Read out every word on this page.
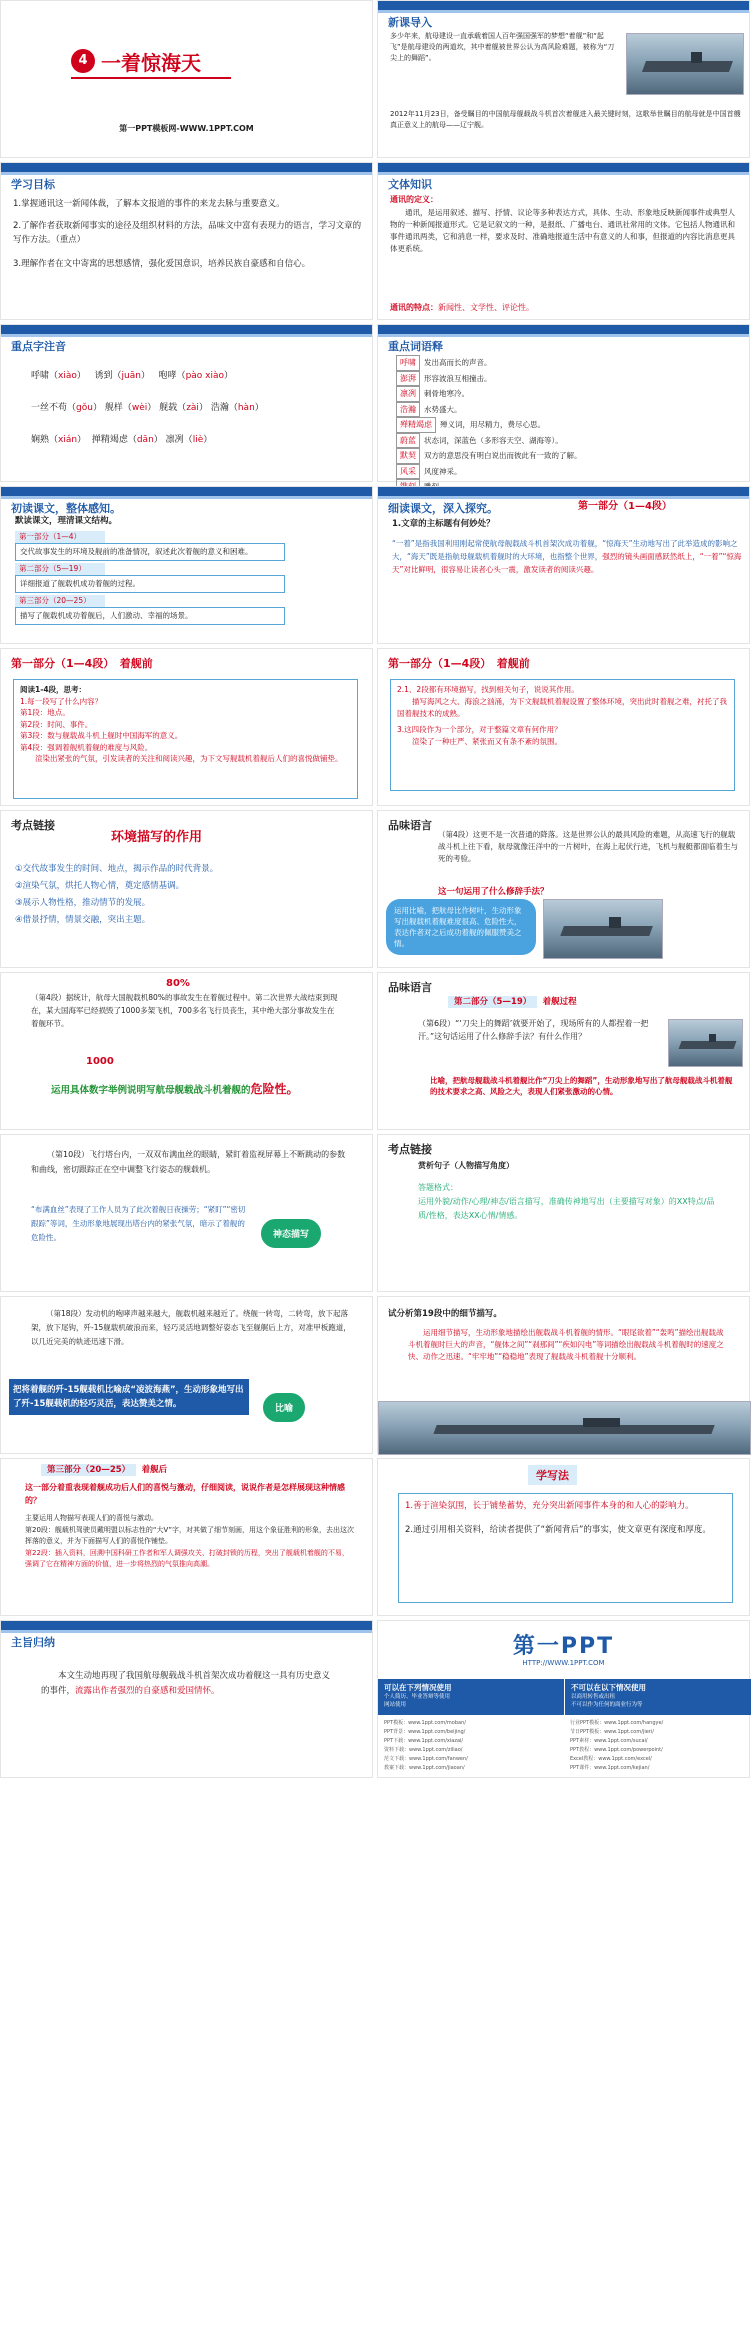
4 一着惊海天
第一PPT模板网-WWW.1PPT.COM
新课导入
多少年来，航母建设一直承载着国人百年强国强军的梦想“着舰”和“起飞”是航母建设的两道坎，其中着舰被世界公认为高风险难题，被称为“刀尖上的舞蹈”。
2012年11月23日，备受瞩目的中国航母舰载战斗机首次着舰进入最关键时刻，这歌举世瞩目的航母就是中国首艘真正意义上的航母——辽宁舰。
学习目标
1.掌握通讯这一新闻体裁，了解本文报道的事件的来龙去脉与重要意义。
2.了解作者获取新闻事实的途径及组织材料的方法，品味文中富有表现力的语言，学习文章的写作方法。（重点）
3.理解作者在文中寄寓的思想感情，强化爱国意识，培养民族自豪感和自信心。
文体知识
通讯的定义：
通讯，是运用叙述、描写、抒情、议论等多种表达方式，具体、生动、形象地反映新闻事件或典型人物的一种新闻报道形式。它是记叙文的一种，是报纸、广播电台、通讯社常用的文体。它包括人物通讯和事件通讯两类，它和消息一样，要求及时、准确地报道生活中有意义的人和事，但报道的内容比消息更具体更系统。
通讯的特点：新闻性、文学性、评论性。
重点字注音
呼啸（xiào）   诱到（juān）   咆哮（pào xiào）
一丝不苟（gǒu） 舰样（wèi） 舰载（zài） 浩瀚（hàn）
娴熟（xián）  掸精竭虑（dān） 凛冽（liè）
重点词语释
呼啸 发出高而长的声音。
澎湃 形容波浪互相撞击。
凛冽 刺骨地寒冷。
浩瀚 水势盛大。
殚精竭虑 殚义词，用尽精力，费尽心思。
蔚蓝 状态词，深蓝色（多形容天空、湖海等）。
默契 双方的意思没有明白说出而彼此有一致的了解。
风采 风度神采。
初读课文，整体感知。
默读课文，理清课文结构。
第一部分（1—4）
交代故事发生的环境及舰前的准备情况，叙述此次着舰的意义和困难。
第二部分（5—19）
详细报道了舰载机成功着舰的过程。
第三部分（20—25）
描写了舰载机成功着舰后，人们激动、幸福的场景。
细读课文，深入探究。	第一部分（1—4段）
1.文章的主标题有何妙处？
“一着”是指我国利用刚起常使航母舰载战斗机首架次成功着舰，“惊海天”生动地写出了此举造成的影响之大，“海天”既是指航母舰载机着舰时的大环境，也指整个世界，强烈的镜头画面感跃然纸上，“一着”“惊海天”对比鲜明，很容易让读者心头一震，激发读者的阅读兴趣。
第一部分（1—4段） 着舰前
阅读1-4段，思考：
1.每一段写了什么内容？
第1段：地点。
第2段：时间、事件。
第3段：数与舰载战斗机上舰时中国海军的意义。
第4段：强调着舰机着舰的难度与风险。
渲染出紧张的气氛，引发读者的关注和阅读兴趣，为下文写舰载机着舰后人们的喜悦做铺垫。
第一部分（1—4段） 着舰前
2.1、2段都有环境描写，找到相关句子，说说其作用。
描写海风之大、海浪之汹涌，为下文舰载机着舰设置了整体环境，突出此时着舰之难，衬托了我国着舰技术的成熟。
3.这四段作为一个部分，对于整篇文章有何作用？
渲染了一种庄严、紧张而又有条不紊的氛围。
考点链接
环境描写的作用
①交代故事发生的时间、地点，揭示作品的时代背景。
②渲染气氛，烘托人物心情，奠定感情基调。
③展示人物性格，推动情节的发展。
④借景抒情，情景交融，突出主题。
品味语言
（第4段）这更不是一次普通的降落。这是世界公认的最具风险的难题，从高速飞行的舰载战斗机上往下看，航母就像汪洋中的一片树叶，在海上起伏行进，飞机与舰艇都面临着生与死的考验。
这一句运用了什么修辞手法？
运用比喻，把航母比作树叶，生动形象写出舰载机着舰难度很高、危险性大，表达作者对之后成功着舰的佩服赞美之情。
80%
（第4段）据统计，航母大国舰载机80%的事故发生在着舰过程中。第二次世界大战结束到现在，某大国海军已经损毁了1000多架飞机，700多名飞行员丧生，其中绝大部分事故发生在着舰环节。
1000
运用具体数字举例说明写航母舰载战斗机着舰的危险性。
品味语言
第二部分（5—19） 着舰过程
（第6段）“‘刀尖上的舞蹈’就要开始了，现场所有的人都捏着一把汗。”这句话运用了什么修辞手法？有什么作用？
比喻，把航母舰载战斗机着舰比作“刀尖上的舞蹈”，生动形象地写出了航母舰载战斗机着舰的技术要求之高、风险之大，表现人们紧张激动的心情。
（第10段）飞行塔台内，一双双布满血丝的眼睛，紧盯着监视屏幕上不断跳动的参数和曲线，密切跟踪正在空中调整飞行姿态的舰载机。
“布满血丝”表现了工作人员为了此次着舰日夜操劳；“紧盯”“密切跟踪”等词，生动形象地展现出塔台内的紧张气氛，暗示了着舰的危险性。	神态描写
考点链接
赏析句子（人物描写角度）
答题格式：
运用外貌/动作/心理/神态/语言描写，准确传神地写出（主要描写对象）的XX特点/品质/性格，表达XX心情/情感。
（第18段）发动机的咆哮声越来越大，舰载机越来越近了。绕舰一转弯，二转弯，放下起落架，放下尾钩，歼-15舰载机破浪而来，轻巧灵活地调整好姿态飞至舰艉后上方，对准甲板跑道，以几近完美的轨迹迅速下滑。
把将着舰的歼-15舰载机比喻成“凌波海燕”，生动形象地写出了歼-15舰载机的轻巧灵活，表达赞美之情。	比喻
试分析第19段中的细节描写。
运用细节描写，生动形象地描绘出舰载战斗机着舰的情形。“眼尾欲着”“轰鸣”描绘出舰载战斗机着舰时巨大的声音，“舰体之间”“刹那间”“疾如闪电”等词描绘出舰载战斗机着舰时的速度之快、动作之迅速。“牢牢地”“稳稳地”表现了舰载战斗机着舰十分顺利。
第三部分（20—25） 着舰后
这一部分着重表现着舰成功后人们的喜悦与激动，仔细阅读，说说作者是怎样展现这种情感的？
主要运用人物描写表现人们的喜悦与激动。
第20段：舰载机驾驶员戴明盟以标志性的“大V”字，对其做了细节刻画，用这个象征胜利的形象，去出这次挥落的意义，并为下面描写人们的喜悦作铺垫。
第22段：插入资料，回溯中国科研工作者和军人调强攻关、打破封锁的历程，突出了舰载机着舰的不易，强调了它在精神方面的价值，进一步将热烈的气氛推向高潮。
学写法
1.善于渲染氛围，长于铺垫蓄势，充分突出新闻事件本身的和人心的影响力。
2.通过引用相关资料，给读者提供了“新闻背后”的事实，使文章更有深度和厚度。
主旨归纳
本文生动地再现了我国航母舰载战斗机首架次成功着舰这一具有历史意义的事件，流露出作者强烈的自豪感和爱国情怀。
第一PPT
HTTP://WWW.1PPT.COM
可以在下列情况使用
个人简历、毕业答辩等使用
网站使用
不可以在以下情况使用
以商用转售或出租
不可以作为任何的商业行为等
PPT模板：www.1ppt.com/moban/
PPT背景：www.1ppt.com/beijing/
PPT下载：www.1ppt.com/xiazai/
资料下载：www.1ppt.com/ziliao/
范文下载：www.1ppt.com/fanwen/
教案下载：www.1ppt.com/jiaoan/
行业PPT模板：www.1ppt.com/hangye/
节日PPT模板：www.1ppt.com/jieri/
PPT素材：www.1ppt.com/sucai/
PPT教程：www.1ppt.com/powerpoint/
Excel教程：www.1ppt.com/excel/
PPT课件：www.1ppt.com/kejian/
